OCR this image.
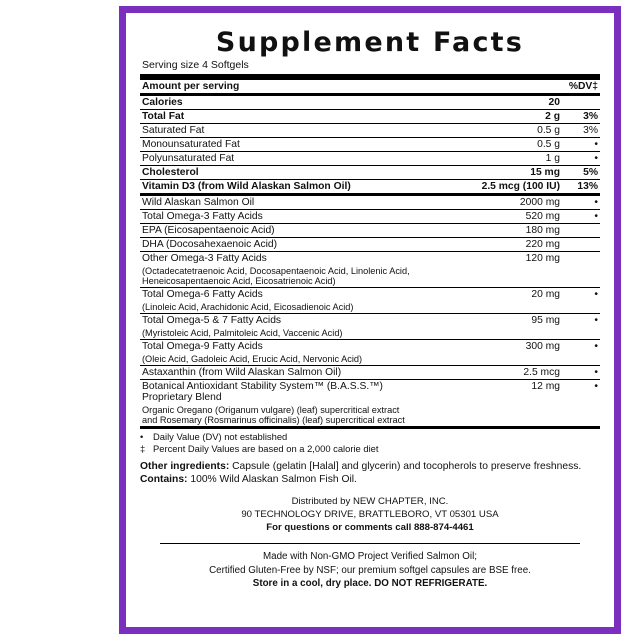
Supplement Facts
Serving size 4 Softgels
Amount per serving		%DV‡
Calories	20	
Total Fat	2 g	3%
Saturated Fat	0.5 g	3%
Monounsaturated Fat	0.5 g	•
Polyunsaturated Fat	1 g	•
Cholesterol	15 mg	5%
Vitamin D3 (from Wild Alaskan Salmon Oil)	2.5 mcg (100 IU)	13%
Wild Alaskan Salmon Oil	2000 mg	•
Total Omega-3 Fatty Acids	520 mg	•
EPA (Eicosapentaenoic Acid)	180 mg	
DHA (Docosahexaenoic Acid)	220 mg	
Other Omega-3 Fatty Acids	120 mg	
(Octadecatetraenoic Acid, Docosapentaenoic Acid, Linolenic Acid,
Heneicosapentaenoic Acid, Eicosatrienoic Acid)		
Total Omega-6 Fatty Acids	20 mg	•
(Linoleic Acid, Arachidonic Acid, Eicosadienoic Acid)		
Total Omega-5 & 7 Fatty Acids	95 mg	•
(Myristoleic Acid, Palmitoleic Acid, Vaccenic Acid)		
Total Omega-9 Fatty Acids	300 mg	•
(Oleic Acid, Gadoleic Acid, Erucic Acid, Nervonic Acid)		
Astaxanthin (from Wild Alaskan Salmon Oil)	2.5 mcg	•
Botanical Antioxidant Stability System™ (B.A.S.S.™)
Proprietary Blend	12 mg	•
Organic Oregano (Origanum vulgare) (leaf) supercritical extract
and Rosemary (Rosmarinus officinalis) (leaf) supercritical extract		

•	Daily Value (DV) not established
‡ Percent Daily Values are based on a 2,000 calorie diet
Other ingredients: Capsule (gelatin [Halal] and glycerin) and tocopherols to preserve freshness.
Contains: 100% Wild Alaskan Salmon Fish Oil.
Distributed by NEW CHAPTER, INC.
90 TECHNOLOGY DRIVE, BRATTLEBORO, VT 05301 USA
For questions or comments call 888-874-4461
Made with Non-GMO Project Verified Salmon Oil;
Certified Gluten-Free by NSF; our premium softgel capsules are BSE free.
Store in a cool, dry place. DO NOT REFRIGERATE.
